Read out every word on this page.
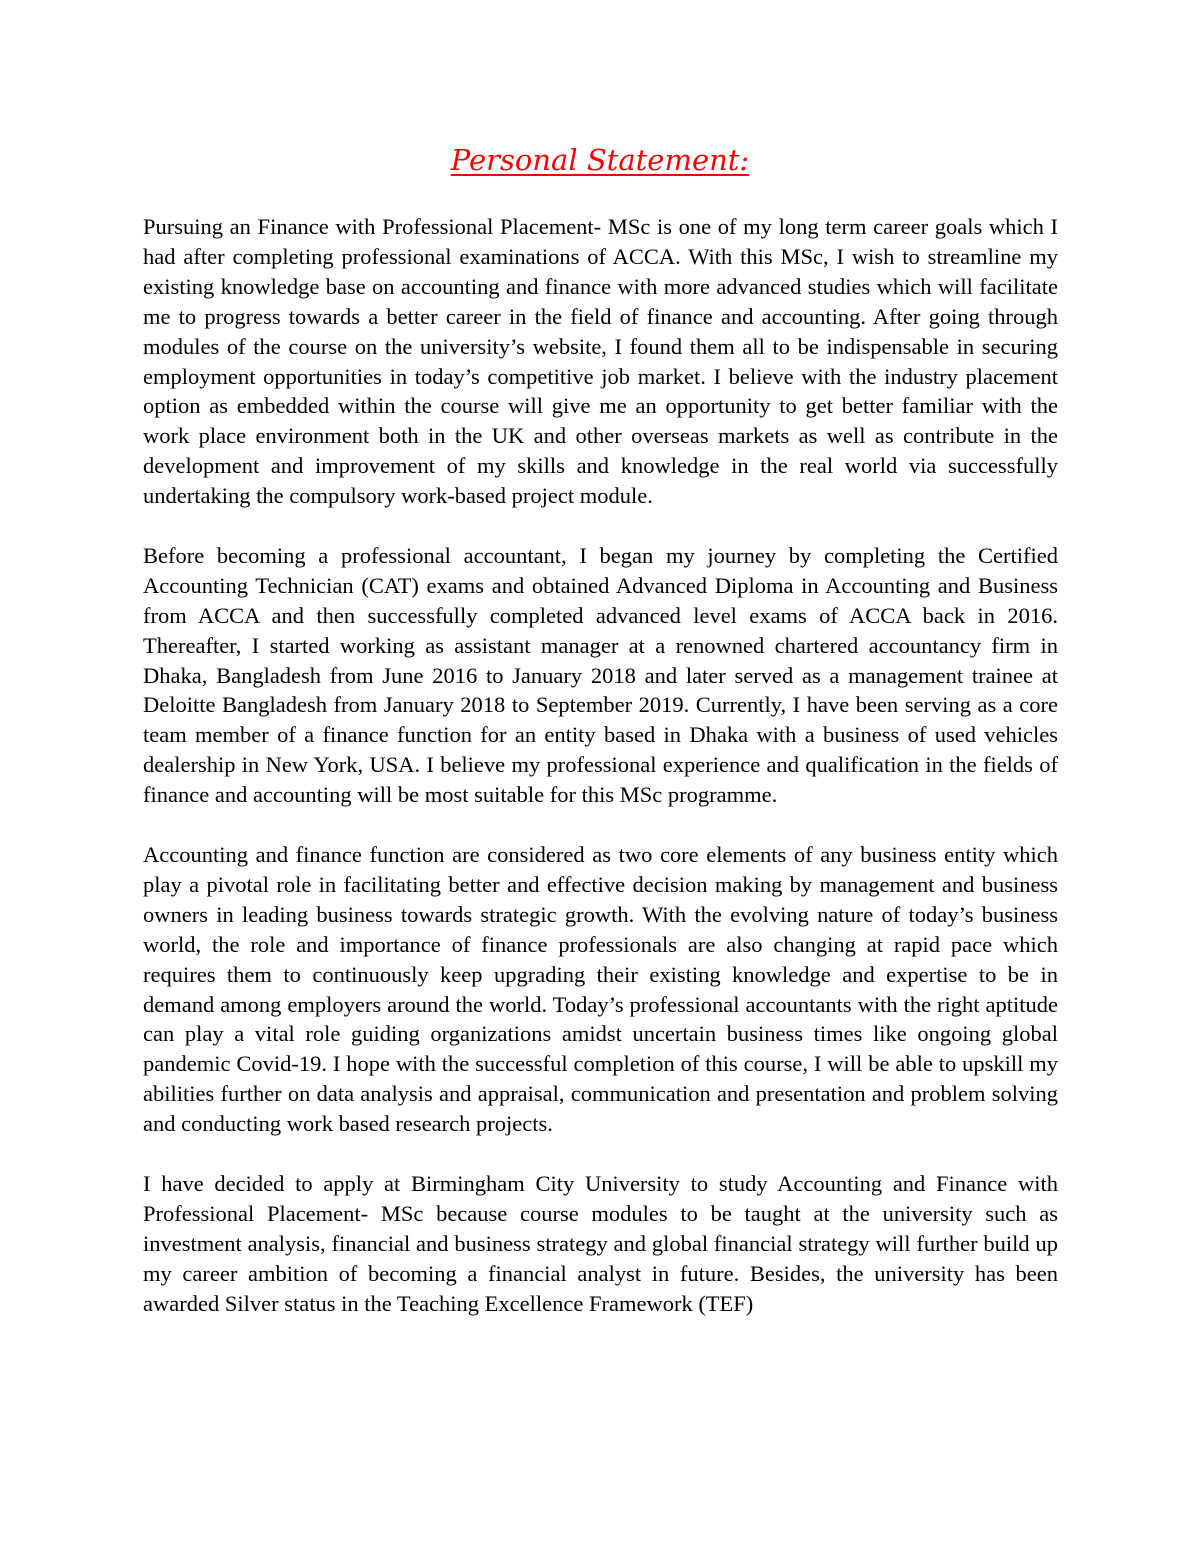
Personal Statement:

Pursuing an Finance with Professional Placement- MSc is one of my long term career goals which I had after completing professional examinations of ACCA. With this MSc, I wish to streamline my existing knowledge base on accounting and finance with more advanced studies which will facilitate me to progress towards a better career in the field of finance and accounting. After going through modules of the course on the university’s website, I found them all to be indispensable in securing employment opportunities in today’s competitive job market. I believe with the industry placement option as embedded within the course will give me an opportunity to get better familiar with the work place environment both in the UK and other overseas markets as well as contribute in the development and improvement of my skills and knowledge in the real world via successfully undertaking the compulsory work-based project module.

Before becoming a professional accountant, I began my journey by completing the Certified Accounting Technician (CAT) exams and obtained Advanced Diploma in Accounting and Business from ACCA and then successfully completed advanced level exams of ACCA back in 2016. Thereafter, I started working as assistant manager at a renowned chartered accountancy firm in Dhaka, Bangladesh from June 2016 to January 2018 and later served as a management trainee at Deloitte Bangladesh from January 2018 to September 2019. Currently, I have been serving as a core team member of a finance function for an entity based in Dhaka with a business of used vehicles dealership in New York, USA. I believe my professional experience and qualification in the fields of finance and accounting will be most suitable for this MSc programme.

Accounting and finance function are considered as two core elements of any business entity which play a pivotal role in facilitating better and effective decision making by management and business owners in leading business towards strategic growth. With the evolving nature of today’s business world, the role and importance of finance professionals are also changing at rapid pace which requires them to continuously keep upgrading their existing knowledge and expertise to be in demand among employers around the world. Today’s professional accountants with the right aptitude can play a vital role guiding organizations amidst uncertain business times like ongoing global pandemic Covid-19. I hope with the successful completion of this course, I will be able to upskill my abilities further on data analysis and appraisal, communication and presentation and problem solving and conducting work based research projects.

I have decided to apply at Birmingham City University to study Accounting and Finance with Professional Placement- MSc because course modules to be taught at the university such as investment analysis, financial and business strategy and global financial strategy will further build up my career ambition of becoming a financial analyst in future. Besides, the university has been awarded Silver status in the Teaching Excellence Framework (TEF)
